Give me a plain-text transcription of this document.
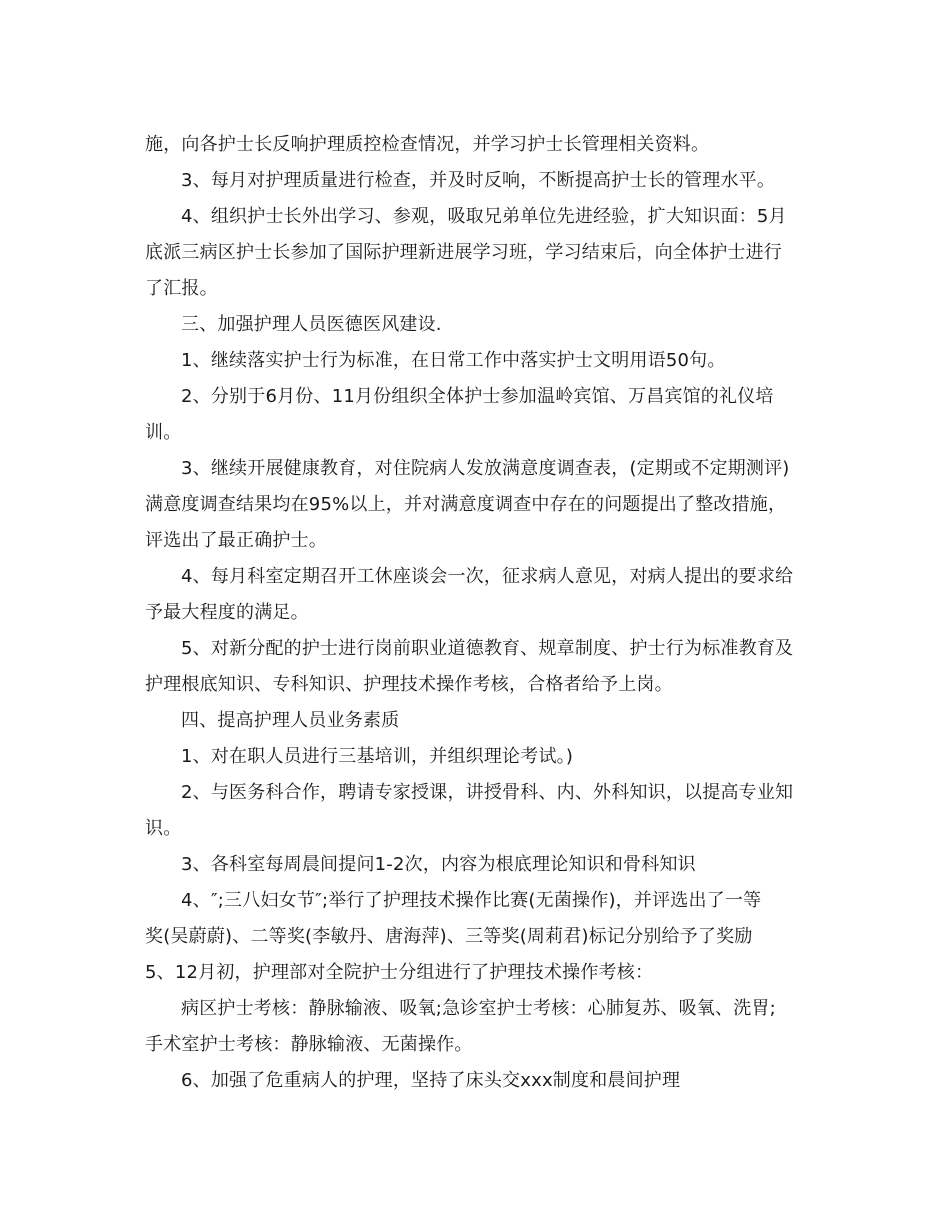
施，向各护士长反响护理质控检查情况，并学习护士长管理相关资料。
3、每月对护理质量进行检查，并及时反响，不断提高护士长的管理水平。
4、组织护士长外出学习、参观，吸取兄弟单位先进经验，扩大知识面：5月
底派三病区护士长参加了国际护理新进展学习班，学习结束后，向全体护士进行
了汇报。
三、加强护理人员医德医风建设.
1、继续落实护士行为标准，在日常工作中落实护士文明用语50句。
2、分别于6月份、11月份组织全体护士参加温岭宾馆、万昌宾馆的礼仪培
训。
3、继续开展健康教育，对住院病人发放满意度调查表，(定期或不定期测评)
满意度调查结果均在95%以上，并对满意度调查中存在的问题提出了整改措施，
评选出了最正确护士。
4、每月科室定期召开工休座谈会一次，征求病人意见，对病人提出的要求给
予最大程度的满足。
5、对新分配的护士进行岗前职业道德教育、规章制度、护士行为标准教育及
护理根底知识、专科知识、护理技术操作考核，合格者给予上岗。
四、提高护理人员业务素质
1、对在职人员进行三基培训，并组织理论考试。)
2、与医务科合作，聘请专家授课，讲授骨科、内、外科知识，以提高专业知
识。
3、各科室每周晨间提问1-2次，内容为根底理论知识和骨科知识
4、″;三八妇女节″;举行了护理技术操作比赛(无菌操作)，并评选出了一等
奖(吴蔚蔚)、二等奖(李敏丹、唐海萍)、三等奖(周莉君)标记分别给予了奖励
5、12月初，护理部对全院护士分组进行了护理技术操作考核：
病区护士考核：静脉输液、吸氧;急诊室护士考核：心肺复苏、吸氧、洗胃;
手术室护士考核：静脉输液、无菌操作。
6、加强了危重病人的护理，坚持了床头交xxx制度和晨间护理
